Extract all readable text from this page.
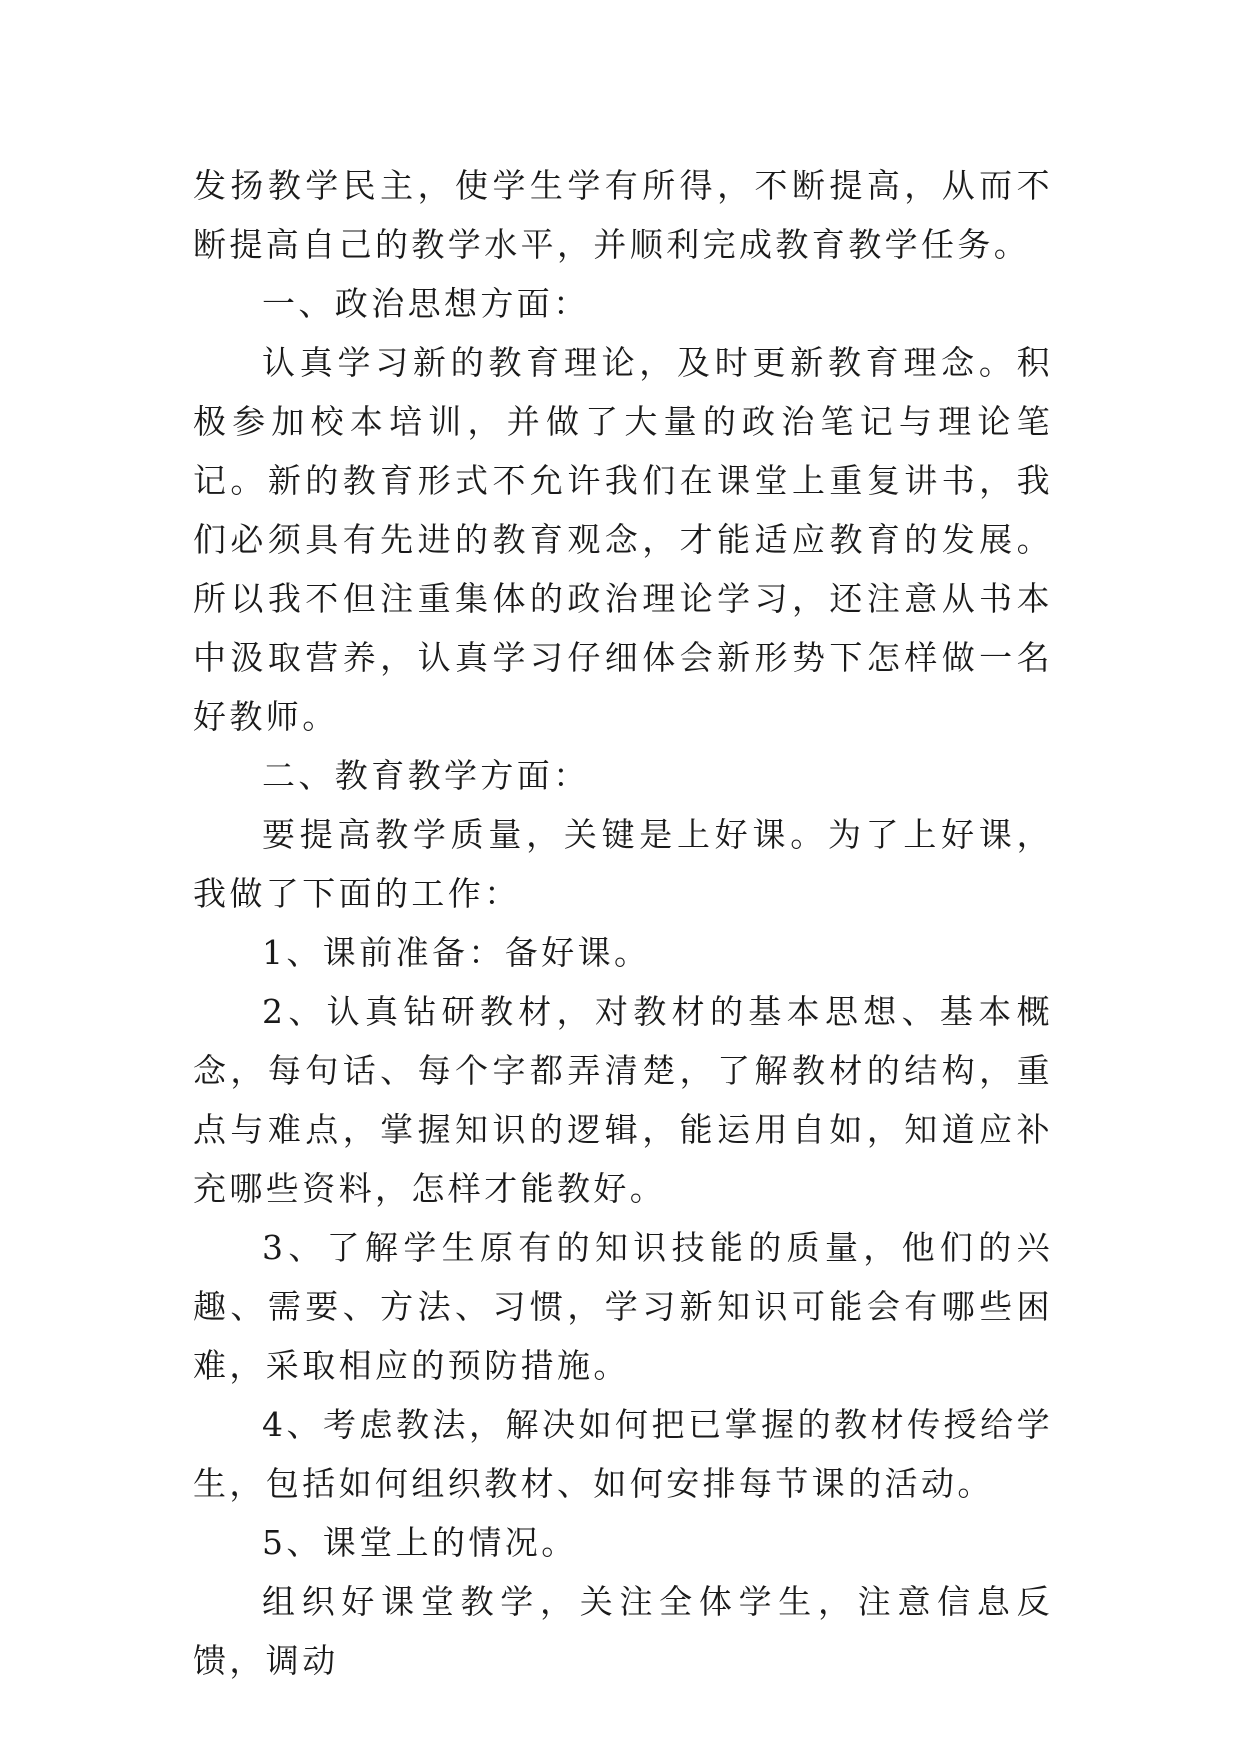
发扬教学民主，使学生学有所得，不断提高，从而不断提高自己的教学水平，并顺利完成教育教学任务。

一、政治思想方面：

认真学习新的教育理论，及时更新教育理念。积极参加校本培训，并做了大量的政治笔记与理论笔记。新的教育形式不允许我们在课堂上重复讲书，我们必须具有先进的教育观念，才能适应教育的发展。所以我不但注重集体的政治理论学习，还注意从书本中汲取营养，认真学习仔细体会新形势下怎样做一名好教师。

二、教育教学方面：

要提高教学质量，关键是上好课。为了上好课，我做了下面的工作：

1、课前准备：备好课。

2、认真钻研教材，对教材的基本思想、基本概念，每句话、每个字都弄清楚，了解教材的结构，重点与难点，掌握知识的逻辑，能运用自如，知道应补充哪些资料，怎样才能教好。

3、了解学生原有的知识技能的质量，他们的兴趣、需要、方法、习惯，学习新知识可能会有哪些困难，采取相应的预防措施。

4、考虑教法，解决如何把已掌握的教材传授给学生，包括如何组织教材、如何安排每节课的活动。

5、课堂上的情况。

组织好课堂教学，关注全体学生，注意信息反馈，调动
